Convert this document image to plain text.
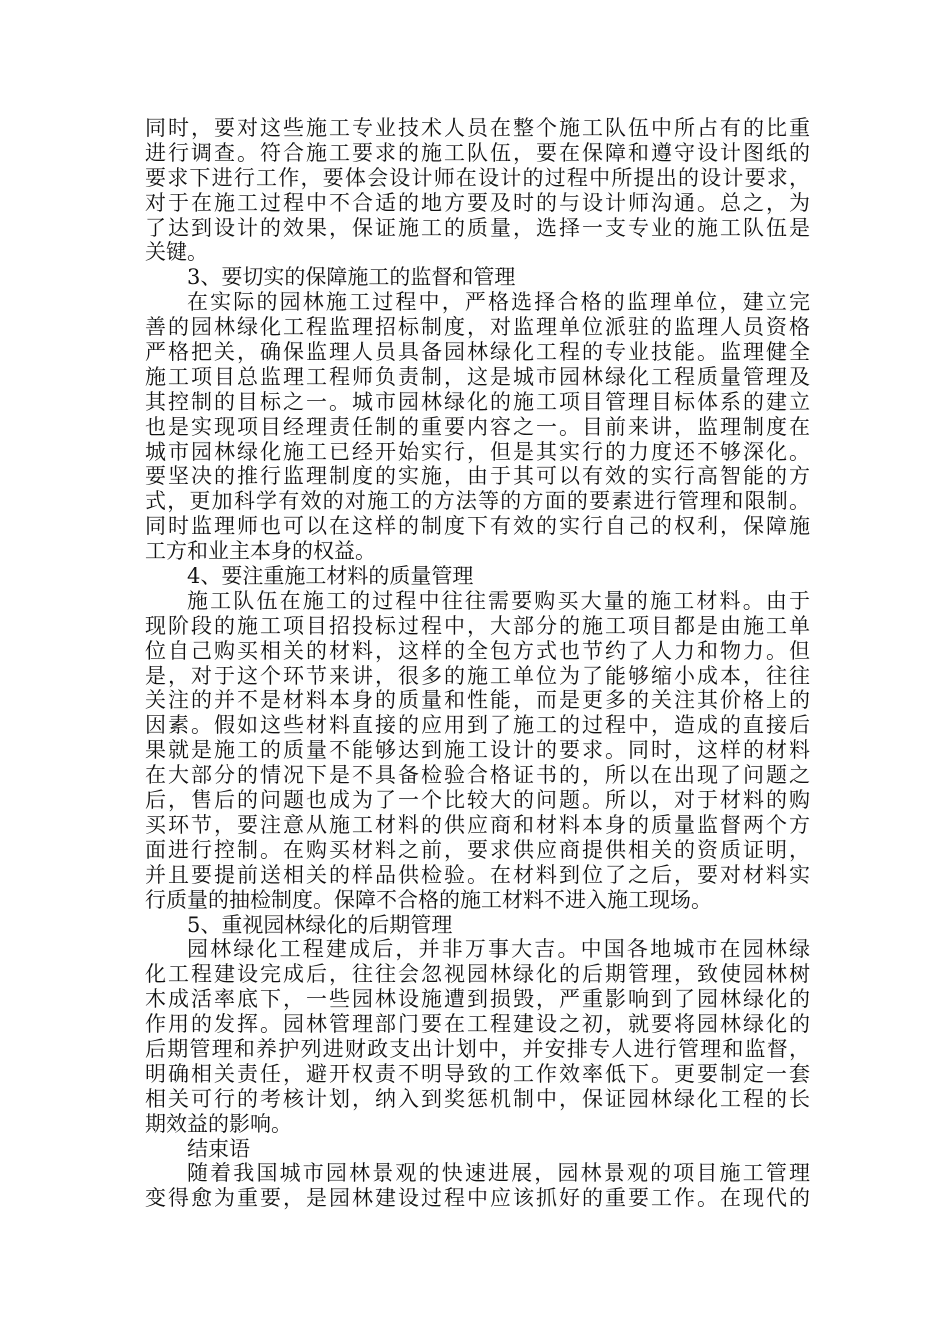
同时，要对这些施工专业技术人员在整个施工队伍中所占有的比重
进行调查。符合施工要求的施工队伍，要在保障和遵守设计图纸的
要求下进行工作，要体会设计师在设计的过程中所提出的设计要求，
对于在施工过程中不合适的地方要及时的与设计师沟通。总之，为
了达到设计的效果，保证施工的质量，选择一支专业的施工队伍是
关键。
3、要切实的保障施工的监督和管理
在实际的园林施工过程中，严格选择合格的监理单位，建立完
善的园林绿化工程监理招标制度，对监理单位派驻的监理人员资格
严格把关，确保监理人员具备园林绿化工程的专业技能。监理健全
施工项目总监理工程师负责制，这是城市园林绿化工程质量管理及
其控制的目标之一。城市园林绿化的施工项目管理目标体系的建立
也是实现项目经理责任制的重要内容之一。目前来讲，监理制度在
城市园林绿化施工已经开始实行，但是其实行的力度还不够深化。
要坚决的推行监理制度的实施，由于其可以有效的实行高智能的方
式，更加科学有效的对施工的方法等的方面的要素进行管理和限制。
同时监理师也可以在这样的制度下有效的实行自己的权利，保障施
工方和业主本身的权益。
4、要注重施工材料的质量管理
施工队伍在施工的过程中往往需要购买大量的施工材料。由于
现阶段的施工项目招投标过程中，大部分的施工项目都是由施工单
位自己购买相关的材料，这样的全包方式也节约了人力和物力。但
是，对于这个环节来讲，很多的施工单位为了能够缩小成本，往往
关注的并不是材料本身的质量和性能，而是更多的关注其价格上的
因素。假如这些材料直接的应用到了施工的过程中，造成的直接后
果就是施工的质量不能够达到施工设计的要求。同时，这样的材料
在大部分的情况下是不具备检验合格证书的，所以在出现了问题之
后，售后的问题也成为了一个比较大的问题。所以，对于材料的购
买环节，要注意从施工材料的供应商和材料本身的质量监督两个方
面进行控制。在购买材料之前，要求供应商提供相关的资质证明，
并且要提前送相关的样品供检验。在材料到位了之后，要对材料实
行质量的抽检制度。保障不合格的施工材料不进入施工现场。
5、重视园林绿化的后期管理
园林绿化工程建成后，并非万事大吉。中国各地城市在园林绿
化工程建设完成后，往往会忽视园林绿化的后期管理，致使园林树
木成活率底下，一些园林设施遭到损毁，严重影响到了园林绿化的
作用的发挥。园林管理部门要在工程建设之初，就要将园林绿化的
后期管理和养护列进财政支出计划中，并安排专人进行管理和监督，
明确相关责任，避开权责不明导致的工作效率低下。更要制定一套
相关可行的考核计划，纳入到奖惩机制中，保证园林绿化工程的长
期效益的影响。
结束语
随着我国城市园林景观的快速进展，园林景观的项目施工管理
变得愈为重要，是园林建设过程中应该抓好的重要工作。在现代的
